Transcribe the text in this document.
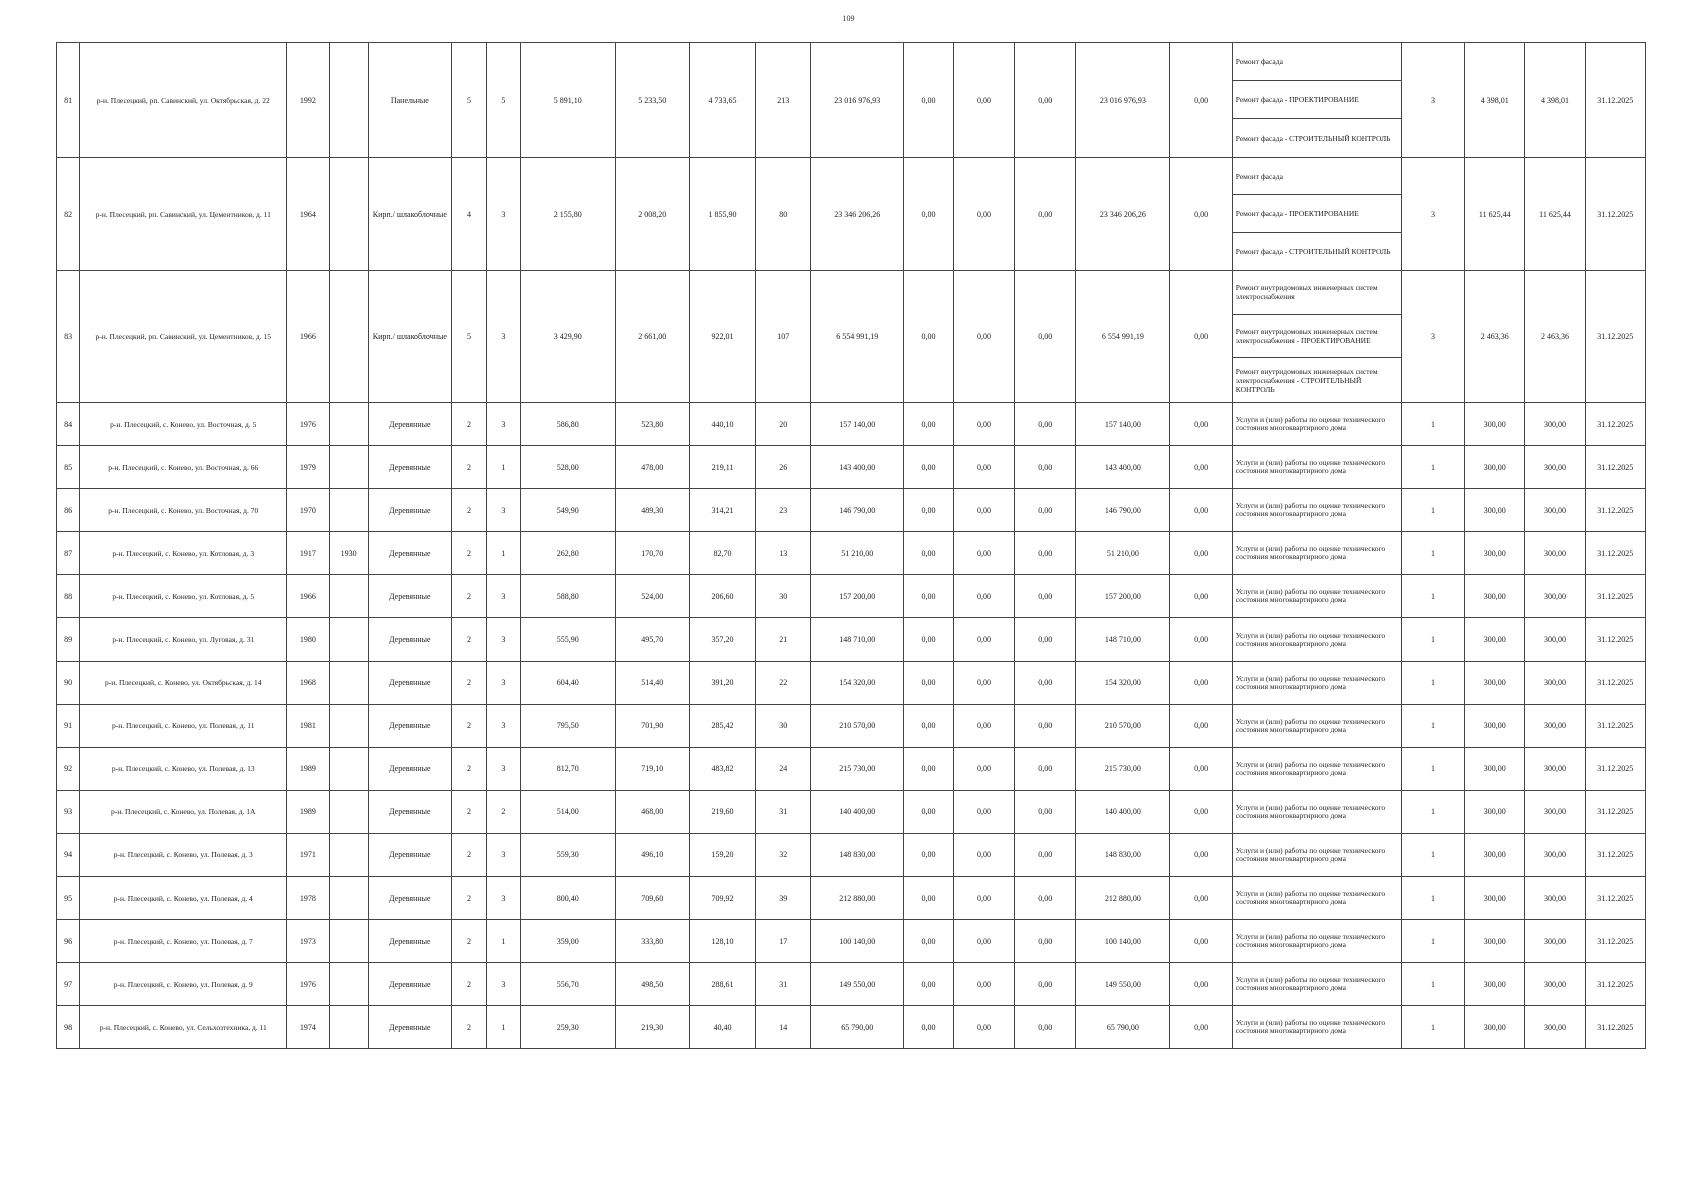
109
81	р-н. Плесецкий, рп. Савинский, ул. Октябрьская, д. 22	1992		Панельные	5	5	5 891,10	5 233,50	4 733,65	213	23 016 976,93	0,00	0,00	0,00	23 016 976,93	0,00	Ремонт фасада
Ремонт фасада - ПРОЕКТИРОВАНИЕ
Ремонт фасада - СТРОИТЕЛЬНЫЙ КОНТРОЛЬ	3	4 398,01	4 398,01	31.12.2025
82	р-н. Плесецкий, рп. Савинский, ул. Цементников, д. 11	1964		Кирп./ шлакоблочные	4	3	2 155,80	2 008,20	1 855,90	80	23 346 206,26	0,00	0,00	0,00	23 346 206,26	0,00	Ремонт фасада
Ремонт фасада - ПРОЕКТИРОВАНИЕ
Ремонт фасада - СТРОИТЕЛЬНЫЙ КОНТРОЛЬ	3	11 625,44	11 625,44	31.12.2025
83	р-н. Плесецкий, рп. Савинский, ул. Цементников, д. 15	1966		Кирп./ шлакоблочные	5	3	3 429,90	2 661,00	922,01	107	6 554 991,19	0,00	0,00	0,00	6 554 991,19	0,00	Ремонт внутридомовых инженерных систем электроснабжения
Ремонт внутридомовых инженерных систем электроснабжения - ПРОЕКТИРОВАНИЕ
Ремонт внутридомовых инженерных систем электроснабжения - СТРОИТЕЛЬНЫЙ КОНТРОЛЬ	3	2 463,36	2 463,36	31.12.2025
84	р-н. Плесецкий, с. Конево, ул. Восточная, д. 5	1976		Деревянные	2	3	586,80	523,80	440,10	20	157 140,00	0,00	0,00	0,00	157 140,00	0,00	Услуги и (или) работы по оценке технического состояния многоквартирного дома	1	300,00	300,00	31.12.2025
85	р-н. Плесецкий, с. Конево, ул. Восточная, д. 66	1979		Деревянные	2	1	528,00	478,00	219,11	26	143 400,00	0,00	0,00	0,00	143 400,00	0,00	Услуги и (или) работы по оценке технического состояния многоквартирного дома	1	300,00	300,00	31.12.2025
86	р-н. Плесецкий, с. Конево, ул. Восточная, д. 70	1970		Деревянные	2	3	549,90	489,30	314,21	23	146 790,00	0,00	0,00	0,00	146 790,00	0,00	Услуги и (или) работы по оценке технического состояния многоквартирного дома	1	300,00	300,00	31.12.2025
87	р-н. Плесецкий, с. Конево, ул. Котловая, д. 3	1917	1930	Деревянные	2	1	262,80	170,70	82,70	13	51 210,00	0,00	0,00	0,00	51 210,00	0,00	Услуги и (или) работы по оценке технического состояния многоквартирного дома	1	300,00	300,00	31.12.2025
88	р-н. Плесецкий, с. Конево, ул. Котловая, д. 5	1966		Деревянные	2	3	588,80	524,00	206,60	30	157 200,00	0,00	0,00	0,00	157 200,00	0,00	Услуги и (или) работы по оценке технического состояния многоквартирного дома	1	300,00	300,00	31.12.2025
89	р-н. Плесецкий, с. Конево, ул. Луговая, д. 31	1980		Деревянные	2	3	555,90	495,70	357,20	21	148 710,00	0,00	0,00	0,00	148 710,00	0,00	Услуги и (или) работы по оценке технического состояния многоквартирного дома	1	300,00	300,00	31.12.2025
90	р-н. Плесецкий, с. Конево, ул. Октябрьская, д. 14	1968		Деревянные	2	3	604,40	514,40	391,20	22	154 320,00	0,00	0,00	0,00	154 320,00	0,00	Услуги и (или) работы по оценке технического состояния многоквартирного дома	1	300,00	300,00	31.12.2025
91	р-н. Плесецкий, с. Конево, ул. Полевая, д. 11	1981		Деревянные	2	3	795,50	701,90	285,42	30	210 570,00	0,00	0,00	0,00	210 570,00	0,00	Услуги и (или) работы по оценке технического состояния многоквартирного дома	1	300,00	300,00	31.12.2025
92	р-н. Плесецкий, с. Конево, ул. Полевая, д. 13	1989		Деревянные	2	3	812,70	719,10	483,82	24	215 730,00	0,00	0,00	0,00	215 730,00	0,00	Услуги и (или) работы по оценке технического состояния многоквартирного дома	1	300,00	300,00	31.12.2025
93	р-н. Плесецкий, с. Конево, ул. Полевая, д. 1А	1989		Деревянные	2	2	514,00	468,00	219,60	31	140 400,00	0,00	0,00	0,00	140 400,00	0,00	Услуги и (или) работы по оценке технического состояния многоквартирного дома	1	300,00	300,00	31.12.2025
94	р-н. Плесецкий, с. Конево, ул. Полевая, д. 3	1971		Деревянные	2	3	559,30	496,10	159,20	32	148 830,00	0,00	0,00	0,00	148 830,00	0,00	Услуги и (или) работы по оценке технического состояния многоквартирного дома	1	300,00	300,00	31.12.2025
95	р-н. Плесецкий, с. Конево, ул. Полевая, д. 4	1978		Деревянные	2	3	800,40	709,60	709,92	39	212 880,00	0,00	0,00	0,00	212 880,00	0,00	Услуги и (или) работы по оценке технического состояния многоквартирного дома	1	300,00	300,00	31.12.2025
96	р-н. Плесецкий, с. Конево, ул. Полевая, д. 7	1973		Деревянные	2	1	359,00	333,80	128,10	17	100 140,00	0,00	0,00	0,00	100 140,00	0,00	Услуги и (или) работы по оценке технического состояния многоквартирного дома	1	300,00	300,00	31.12.2025
97	р-н. Плесецкий, с. Конево, ул. Полевая, д. 9	1976		Деревянные	2	3	556,70	498,50	288,61	31	149 550,00	0,00	0,00	0,00	149 550,00	0,00	Услуги и (или) работы по оценке технического состояния многоквартирного дома	1	300,00	300,00	31.12.2025
98	р-н. Плесецкий, с. Конево, ул. Сельхозтехника, д. 11	1974		Деревянные	2	1	259,30	219,30	40,40	14	65 790,00	0,00	0,00	0,00	65 790,00	0,00	Услуги и (или) работы по оценке технического состояния многоквартирного дома	1	300,00	300,00	31.12.2025
